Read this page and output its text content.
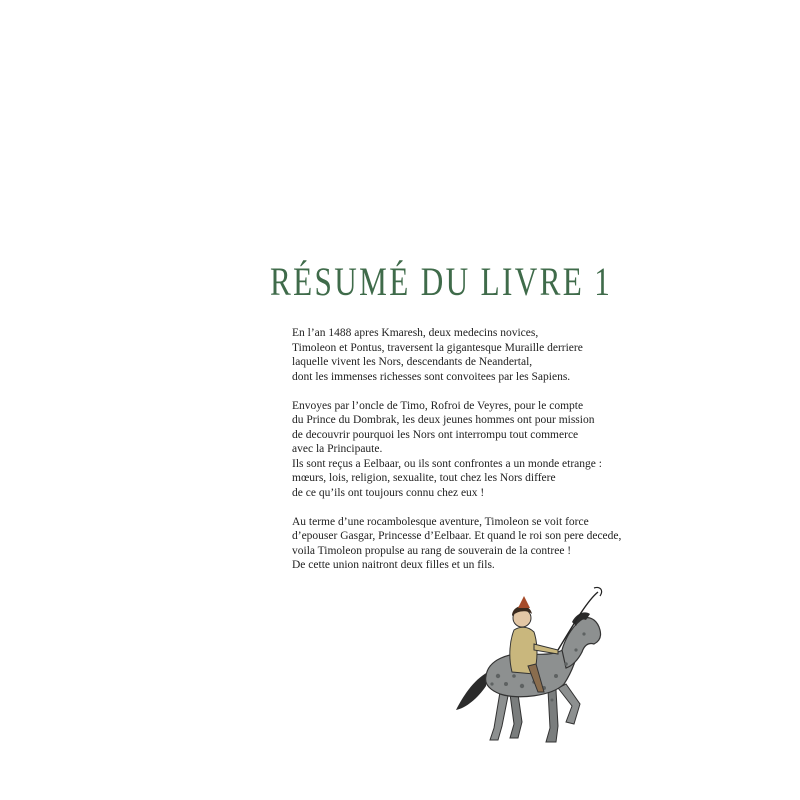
RÉSUMÉ DU LIVRE 1

En l’an 1488 apres Kmaresh, deux medecins novices,
Timoleon et Pontus, traversent la gigantesque Muraille derriere
laquelle vivent les Nors, descendants de Neandertal,
dont les immenses richesses sont convoitees par les Sapiens.

Envoyes par l’oncle de Timo, Rofroi de Veyres, pour le compte
du Prince du Dombrak, les deux jeunes hommes ont pour mission
de decouvrir pourquoi les Nors ont interrompu tout commerce
avec la Principaute.
Ils sont reçus a Eelbaar, ou ils sont confrontes a un monde etrange :
mœurs, lois, religion, sexualite, tout chez les Nors differe
de ce qu’ils ont toujours connu chez eux !

Au terme d’une rocambolesque aventure, Timoleon se voit force
d’epouser Gasgar, Princesse d’Eelbaar. Et quand le roi son pere decede,
voila Timoleon propulse au rang de souverain de la contree !
De cette union naitront deux filles et un fils.
